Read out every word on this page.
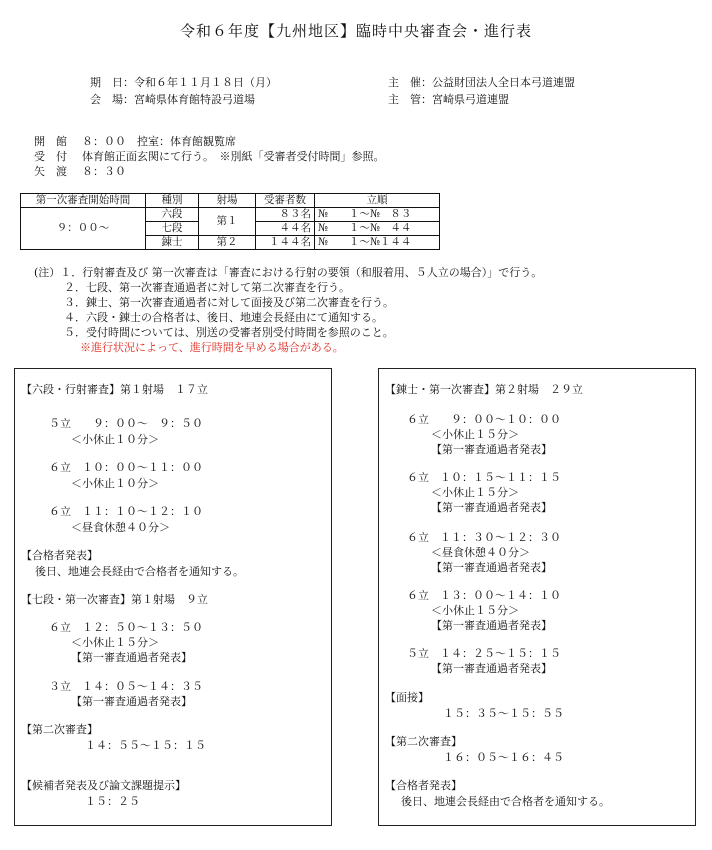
令和６年度【九州地区】臨時中央審査会・進行表
期　日：令和６年１１月１８日（月）
会　場：宮崎県体育館特設弓道場
主　催：公益財団法人全日本弓道連盟
主　管：宮崎県弓道連盟
開　館 ８：００　控室：体育館観覧席
受　付 体育館正面玄関にて行う。　※別紙「受審者受付時間」参照。
矢　渡 ８：３０
第一次審査開始時間	種別	射場	受審者数	立順
９：００～	六段	第１	８３名	№　　１～№　８３
	七段		４４名	№　　１～№　４４
	錬士	第２	１４４名	№　　１～№１４４
(注）１．行射審査及び 第一次審査は「審査における行射の要領（和服着用、５人立の場合）」で行う。
２．七段、第一次審査通過者に対して第二次審査を行う。
３．錬士、第一次審査通過者に対して面接及び第二次審査を行う。
４．六段・錬士の合格者は、後日、地連会長経由にて通知する。
５．受付時間については、別送の受審者別受付時間を参照のこと。
※進行状況によって、進行時間を早める場合がある。
【六段・行射審査】第１射場　１７立
５立　　９：００～　９：５０
＜小休止１０分＞
６立　１０：００～１１：００
＜小休止１０分＞
６立　１１：１０～１２：１０
＜昼食休憩４０分＞
【合格者発表】
後日、地連会長経由で合格者を通知する。
【七段・第一次審査】第１射場　９立
６立　１２：５０～１３：５０
＜小休止１５分＞
【第一審査通過者発表】
３立　１４：０５～１４：３５
【第一審査通過者発表】
【第二次審査】
１４：５５～１５：１５
【候補者発表及び論文課題提示】
１５：２５
【錬士・第一次審査】第２射場　２９立
６立　　９：００～１０：００
＜小休止１５分＞
【第一審査通過者発表】
６立　１０：１５～１１：１５
＜小休止１５分＞
【第一審査通過者発表】
６立　１１：３０～１２：３０
＜昼食休憩４０分＞
【第一審査通過者発表】
６立　１３：００～１４：１０
＜小休止１５分＞
【第一審査通過者発表】
５立　１４：２５～１５：１５
【第一審査通過者発表】
【面接】
１５：３５～１５：５５
【第二次審査】
１６：０５～１６：４５
【合格者発表】
後日、地連会長経由で合格者を通知する。
